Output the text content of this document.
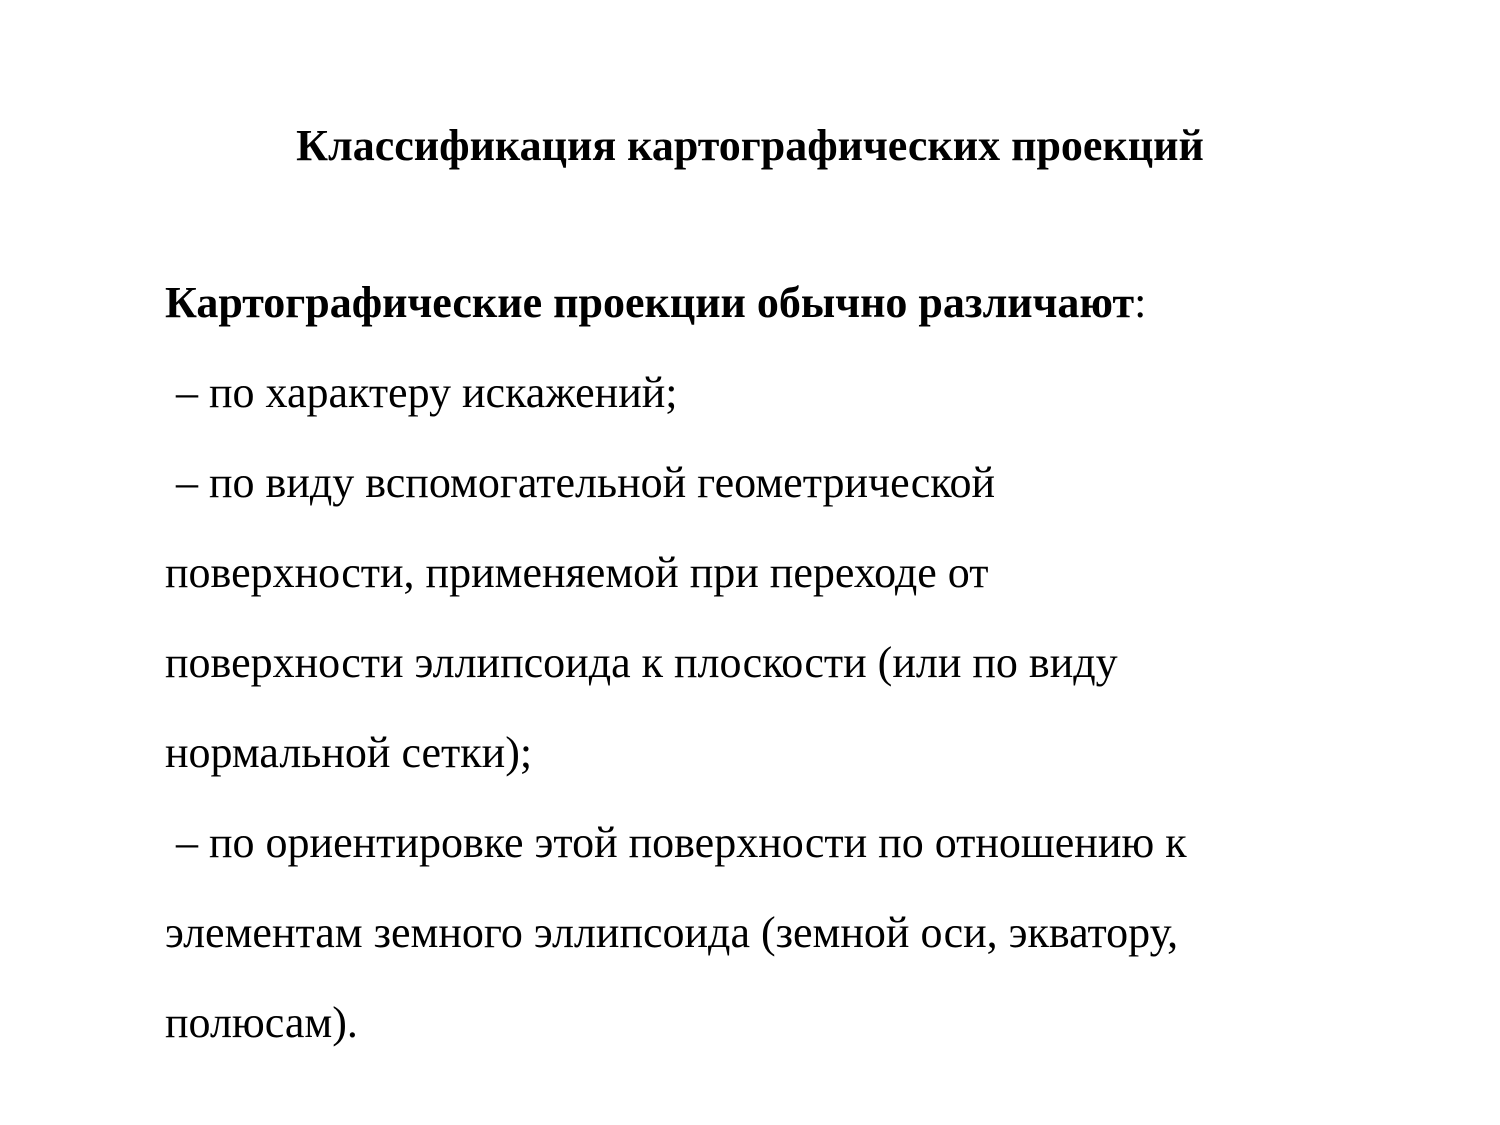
Классификация картографических проекций
Картографические проекции обычно различают:
– по характеру искажений;
– по виду вспомогательной геометрической
поверхности, применяемой при переходе от
поверхности эллипсоида к плоскости (или по виду
нормальной сетки);
– по ориентировке этой поверхности по отношению к
элементам земного эллипсоида (земной оси, экватору,
полюсам).
